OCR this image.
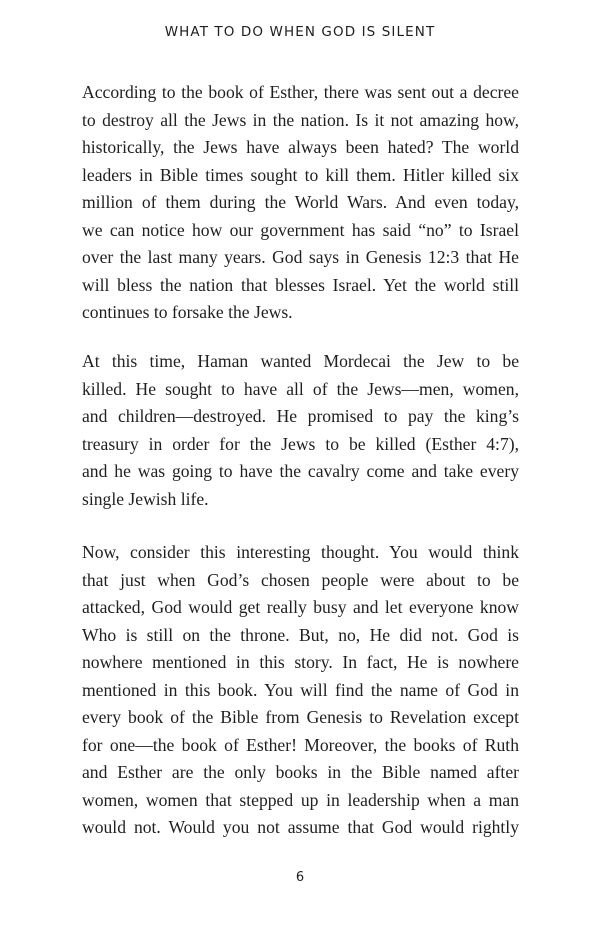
WHAT TO DO WHEN GOD IS SILENT
According to the book of Esther, there was sent out a decree
to destroy all the Jews in the nation. Is it not amazing how,
historically, the Jews have always been hated? The world
leaders in Bible times sought to kill them. Hitler killed six
million of them during the World Wars. And even today,
we can notice how our government has said “no” to Israel
over the last many years. God says in Genesis 12:3 that He
will bless the nation that blesses Israel. Yet the world still
continues to forsake the Jews.
At this time, Haman wanted Mordecai the Jew to be
killed. He sought to have all of the Jews—men, women,
and children—destroyed. He promised to pay the king’s
treasury in order for the Jews to be killed (Esther 4:7),
and he was going to have the cavalry come and take every
single Jewish life.
Now, consider this interesting thought. You would think
that just when God’s chosen people were about to be
attacked, God would get really busy and let everyone know
Who is still on the throne. But, no, He did not. God is
nowhere mentioned in this story. In fact, He is nowhere
mentioned in this book. You will find the name of God in
every book of the Bible from Genesis to Revelation except
for one—the book of Esther! Moreover, the books of Ruth
and Esther are the only books in the Bible named after
women, women that stepped up in leadership when a man
would not. Would you not assume that God would rightly
6
